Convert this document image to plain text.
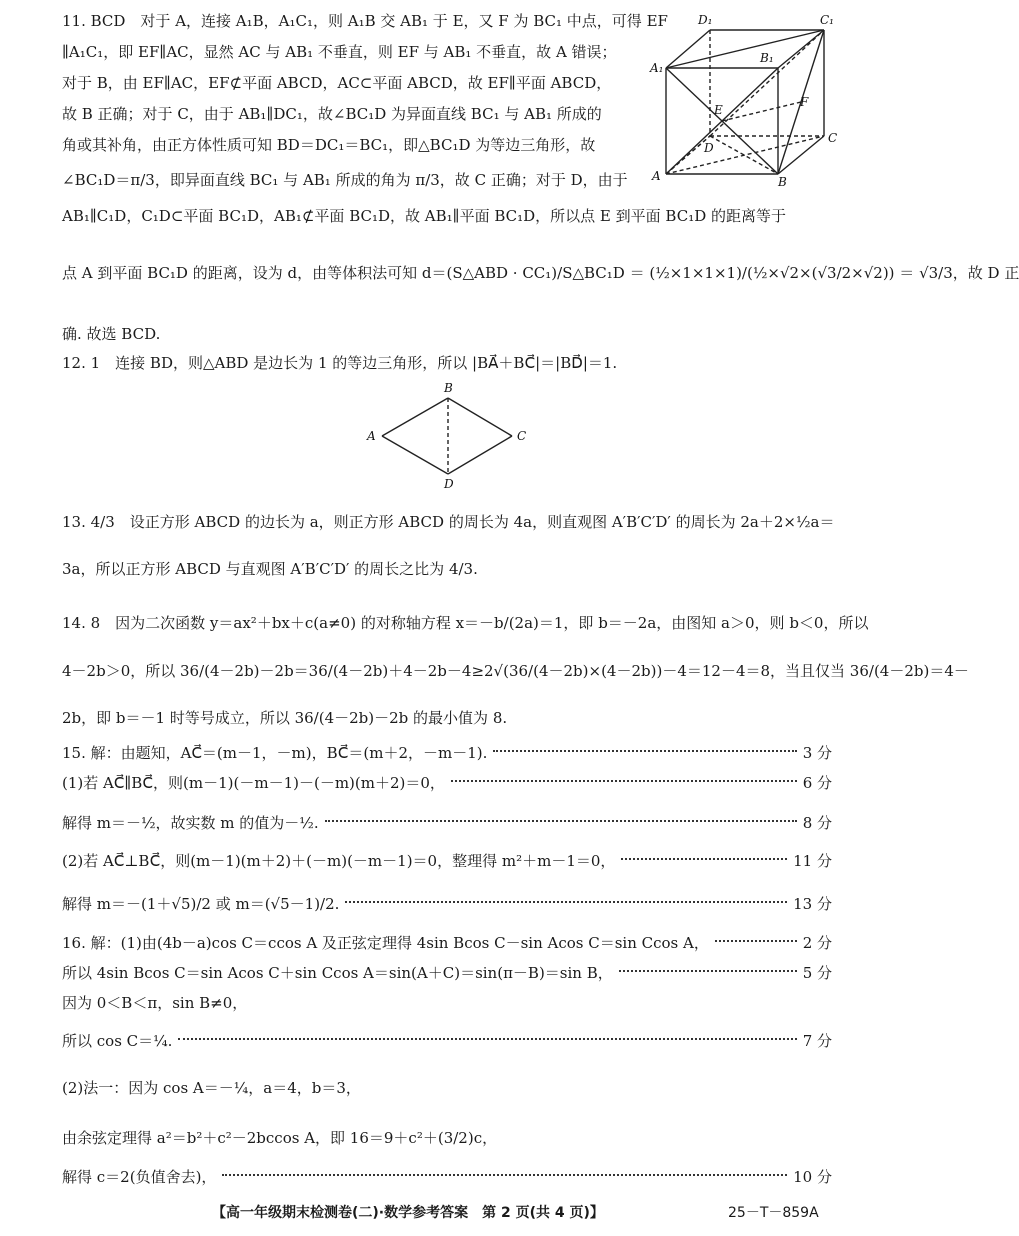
11. BCD　对于 A，连接 A₁B，A₁C₁，则 A₁B 交 AB₁ 于 E，又 F 为 BC₁ 中点，可得 EF
∥A₁C₁，即 EF∥AC，显然 AC 与 AB₁ 不垂直，则 EF 与 AB₁ 不垂直，故 A 错误；
对于 B，由 EF∥AC，EF⊄平面 ABCD，AC⊂平面 ABCD，故 EF∥平面 ABCD，
故 B 正确；对于 C，由于 AB₁∥DC₁，故∠BC₁D 为异面直线 BC₁ 与 AB₁ 所成的
角或其补角，由正方体性质可知 BD＝DC₁＝BC₁，即△BC₁D 为等边三角形，故
∠BC₁D＝π/3，即异面直线 BC₁ 与 AB₁ 所成的角为 π/3，故 C 正确；对于 D，由于
AB₁∥C₁D，C₁D⊂平面 BC₁D，AB₁⊄平面 BC₁D，故 AB₁∥平面 BC₁D，所以点 E 到平面 BC₁D 的距离等于
点 A 到平面 BC₁D 的距离，设为 d，由等体积法可知 d＝(S△ABD · CC₁)/S△BC₁D ＝ (½×1×1×1)/(½×√2×(√3/2×√2)) ＝ √3/3，故 D 正
确. 故选 BCD.
D₁	C₁
A₁
B₁
E
F
D
C
A	B
12. 1　连接 BD，则△ABD 是边长为 1 的等边三角形，所以 |BA⃗＋BC⃗|＝|BD⃗|＝1.
A
B
C
D
13. 4/3　设正方形 ABCD 的边长为 a，则正方形 ABCD 的周长为 4a，则直观图 A′B′C′D′ 的周长为 2a＋2×½a＝
3a，所以正方形 ABCD 与直观图 A′B′C′D′ 的周长之比为 4/3.
14. 8　因为二次函数 y＝ax²＋bx＋c(a≠0) 的对称轴方程 x＝－b/(2a)＝1，即 b＝－2a，由图知 a＞0，则 b＜0，所以
4－2b＞0，所以 36/(4－2b)－2b＝36/(4－2b)＋4－2b－4≥2√(36/(4－2b)×(4－2b))－4＝12－4＝8，当且仅当 36/(4－2b)＝4－
2b，即 b＝－1 时等号成立，所以 36/(4－2b)－2b 的最小值为 8.
15. 解：由题知，AC⃗＝(m－1，－m)，BC⃗＝(m＋2，－m－1).	3 分
(1)若 AC⃗∥BC⃗，则(m－1)(－m－1)－(－m)(m＋2)＝0，	6 分
解得 m＝－½，故实数 m 的值为－½.	8 分
(2)若 AC⃗⊥BC⃗，则(m－1)(m＋2)＋(－m)(－m－1)＝0，整理得 m²＋m－1＝0，	11 分
解得 m＝－(1＋√5)/2 或 m＝(√5－1)/2.	13 分
16. 解：(1)由(4b－a)cos C＝ccos A 及正弦定理得 4sin Bcos C－sin Acos C＝sin Ccos A，	2 分
所以 4sin Bcos C＝sin Acos C＋sin Ccos A＝sin(A＋C)＝sin(π－B)＝sin B，	5 分
因为 0＜B＜π，sin B≠0，
所以 cos C＝¼.	7 分
(2)法一：因为 cos A＝－¼，a＝4，b＝3，
由余弦定理得 a²＝b²＋c²－2bccos A，即 16＝9＋c²＋(3/2)c，
解得 c＝2(负值舍去)，	10 分
【高一年级期末检测卷(二)·数学参考答案　第 2 页(共 4 页)】	25－T－859A
